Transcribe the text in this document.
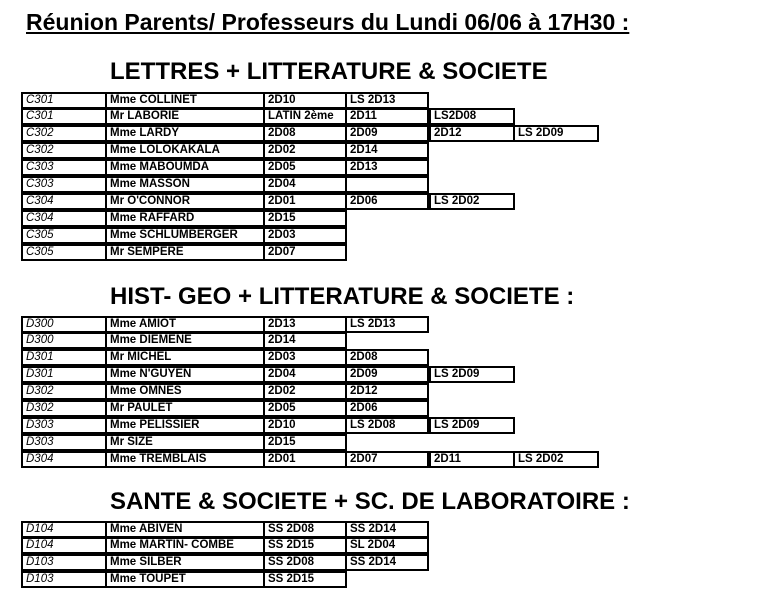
Réunion Parents/ Professeurs du Lundi 06/06 à 17H30 :
LETTRES + LITTERATURE & SOCIETE
C301	Mme COLLINET	2D10	LS 2D13
C301	Mr LABORIE	LATIN 2ème	2D11	LS2D08
C302	Mme LARDY	2D08	2D09	2D12	LS 2D09
C302	Mme LOLOKAKALA	2D02	2D14
C303	Mme MABOUMDA	2D05	2D13
C303	Mme MASSON	2D04
C304	Mr O'CONNOR	2D01	2D06	LS 2D02
C304	Mme RAFFARD	2D15
C305	Mme SCHLUMBERGER	2D03
C305	Mr SEMPERE	2D07
HIST- GEO + LITTERATURE & SOCIETE :
D300	Mme AMIOT	2D13	LS 2D13
D300	Mme DIEMENE	2D14
D301	Mr MICHEL	2D03	2D08
D301	Mme N'GUYEN	2D04	2D09	LS 2D09
D302	Mme OMNES	2D02	2D12
D302	Mr PAULET	2D05	2D06
D303	Mme PELISSIER	2D10	LS 2D08	LS 2D09
D303	Mr SIZE	2D15
D304	Mme TREMBLAIS	2D01	2D07	2D11	LS 2D02
SANTE & SOCIETE + SC. DE LABORATOIRE :
D104	Mme ABIVEN	SS 2D08	SS 2D14
D104	Mme MARTIN- COMBE	SS 2D15	SL 2D04
D103	Mme SILBER	SS 2D08	SS 2D14
D103	Mme TOUPET	SS 2D15
